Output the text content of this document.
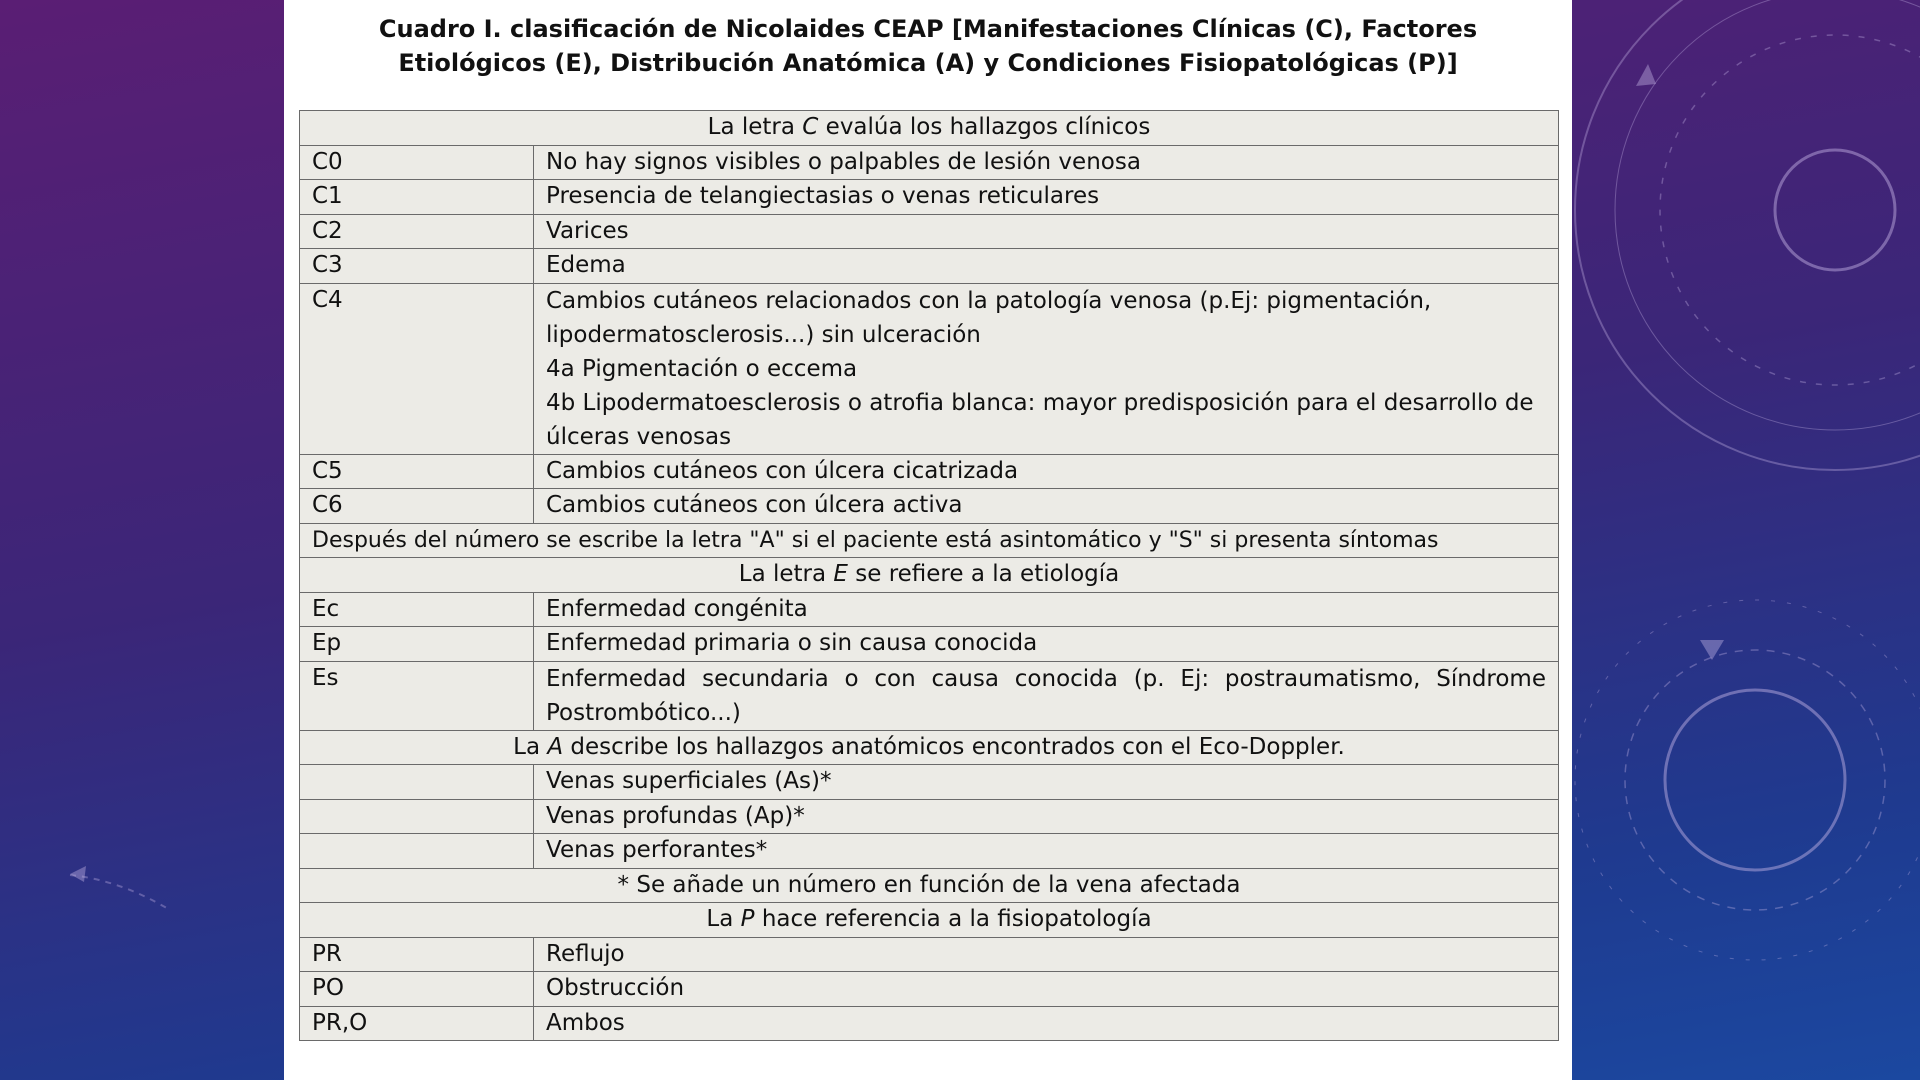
Cuadro I. clasificación de Nicolaides CEAP [Manifestaciones Clínicas (C), Factores
Etiológicos (E), Distribución Anatómica (A) y Condiciones Fisiopatológicas (P)]
La letra C evalúa los hallazgos clínicos	
C0	No hay signos visibles o palpables de lesión venosa
C1	Presencia de telangiectasias o venas reticulares
C2	Varices
C3	Edema
C4	Cambios cutáneos relacionados con la patología venosa (p.Ej: pigmentación,
lipodermatosclerosis...) sin ulceración
4a Pigmentación o eccema
4b Lipodermatoesclerosis o atrofia blanca: mayor predisposición para el desarrollo de
úlceras venosas

C5	Cambios cutáneos con úlcera cicatrizada
C6	Cambios cutáneos con úlcera activa
Después del número se escribe la letra "A" si el paciente está asintomático y "S" si presenta síntomas	
La letra E se refiere a la etiología	
Ec	Enfermedad congénita
Ep	Enfermedad primaria o sin causa conocida
Es	Enfermedad secundaria o con causa conocida (p. Ej: postraumatismo, Síndrome
Postrombótico...)

La A describe los hallazgos anatómicos encontrados con el Eco-Doppler.	
	Venas superficiales (As)*
	Venas profundas (Ap)*
	Venas perforantes*
* Se añade un número en función de la vena afectada	
La P hace referencia a la fisiopatología	
PR	Reflujo
PO	Obstrucción
PR,O	Ambos
